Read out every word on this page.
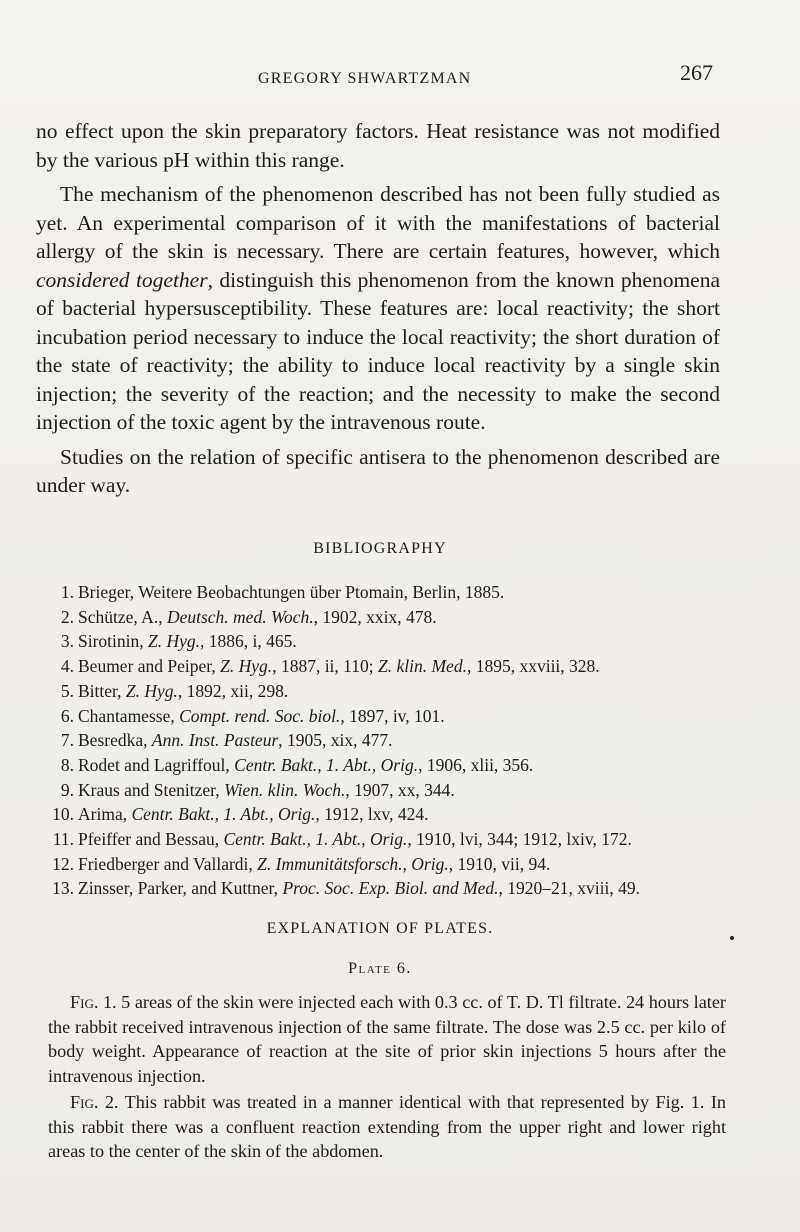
GREGORY SHWARTZMAN	267

no effect upon the skin preparatory factors. Heat resistance was not modified by the various pH within this range.

The mechanism of the phenomenon described has not been fully studied as yet. An experimental comparison of it with the manifestations of bacterial allergy of the skin is necessary. There are certain features, however, which considered together, distinguish this phenomenon from the known phenomena of bacterial hypersusceptibility. These features are: local reactivity; the short incubation period necessary to induce the local reactivity; the short duration of the state of reactivity; the ability to induce local reactivity by a single skin injection; the severity of the reaction; and the necessity to make the second injection of the toxic agent by the intravenous route.

Studies on the relation of specific antisera to the phenomenon described are under way.

BIBLIOGRAPHY
1. Brieger, Weitere Beobachtungen über Ptomain, Berlin, 1885.
2. Schütze, A., Deutsch. med. Woch., 1902, xxix, 478.
3. Sirotinin, Z. Hyg., 1886, i, 465.
4. Beumer and Peiper, Z. Hyg., 1887, ii, 110; Z. klin. Med., 1895, xxviii, 328.
5. Bitter, Z. Hyg., 1892, xii, 298.
6. Chantamesse, Compt. rend. Soc. biol., 1897, iv, 101.
7. Besredka, Ann. Inst. Pasteur, 1905, xix, 477.
8. Rodet and Lagriffoul, Centr. Bakt., 1. Abt., Orig., 1906, xlii, 356.
9. Kraus and Stenitzer, Wien. klin. Woch., 1907, xx, 344.
10. Arima, Centr. Bakt., 1. Abt., Orig., 1912, lxv, 424.
11. Pfeiffer and Bessau, Centr. Bakt., 1. Abt., Orig., 1910, lvi, 344; 1912, lxiv, 172.
12. Friedberger and Vallardi, Z. Immunitätsforsch., Orig., 1910, vii, 94.
13. Zinsser, Parker, and Kuttner, Proc. Soc. Exp. Biol. and Med., 1920–21, xviii, 49.
EXPLANATION OF PLATES.
Plate 6.

Fig. 1. 5 areas of the skin were injected each with 0.3 cc. of T. D. Tl filtrate. 24 hours later the rabbit received intravenous injection of the same filtrate. The dose was 2.5 cc. per kilo of body weight. Appearance of reaction at the site of prior skin injections 5 hours after the intravenous injection.

Fig. 2. This rabbit was treated in a manner identical with that represented by Fig. 1. In this rabbit there was a confluent reaction extending from the upper right and lower right areas to the center of the skin of the abdomen.
